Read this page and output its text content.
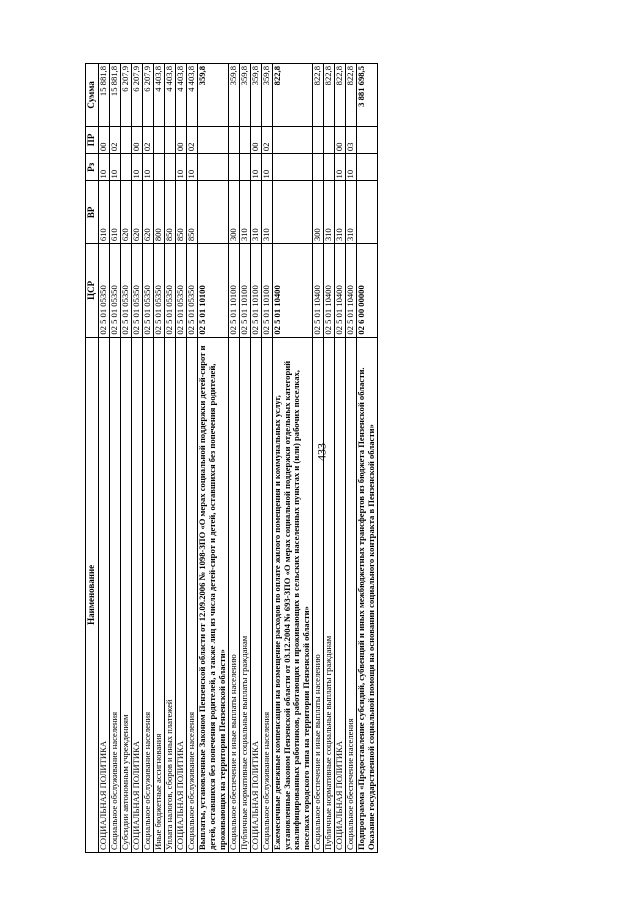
433
Наименование	ЦСР	ВР	Рз	ПР	Сумма
СОЦИАЛЬНАЯ ПОЛИТИКА	02 5 01 05350	610	10	00	15 881,8
Социальное обслуживание населения	02 5 01 05350	610	10	02	15 881,8
Субсидии автономным учреждениям	02 5 01 05350	620			6 207,9
СОЦИАЛЬНАЯ ПОЛИТИКА	02 5 01 05350	620	10	00	6 207,9
Социальное обслуживание населения	02 5 01 05350	620	10	02	6 207,9
Иные бюджетные ассигнования	02 5 01 05350	800			4 403,8
Уплата налогов, сборов и иных платежей	02 5 01 05350	850			4 403,8
СОЦИАЛЬНАЯ ПОЛИТИКА	02 5 01 05350	850	10	00	4 403,8
Социальное обслуживание населения	02 5 01 05350	850	10	02	4 403,8
Выплаты, установленные Законом Пензенской области от 12.09.2006 № 1098-ЗПО «О мерах социальной поддержки детей-сирот и детей, оставшихся без попечения родителей, а также лиц из числа детей-сирот и детей, оставшихся без попечения родителей, проживающих на территории Пензенской области»	02 5 01 10100				359,8
Социальное обеспечение и иные выплаты населению	02 5 01 10100	300			359,8
Публичные нормативные социальные выплаты гражданам	02 5 01 10100	310			359,8
СОЦИАЛЬНАЯ ПОЛИТИКА	02 5 01 10100	310	10	00	359,8
Социальное обслуживание населения	02 5 01 10100	310	10	02	359,8
Ежемесячные денежные компенсации на возмещение расходов по оплате жилого помещения и коммунальных услуг, установленные Законом Пензенской области от 03.12.2004 № 693-ЗПО «О мерах социальной поддержки отдельных категорий квалифицированных работников, работающих и проживающих в сельских населенных пунктах и (или) рабочих поселках, поселках городского типа на территории Пензенской области»	02 5 01 10400				822,8
Социальное обеспечение и иные выплаты населению	02 5 01 10400	300			822,8
Публичные нормативные социальные выплаты гражданам	02 5 01 10400	310			822,8
СОЦИАЛЬНАЯ ПОЛИТИКА	02 5 01 10400	310	10	00	822,8
Социальное обеспечение населения	02 5 01 10400	310	10	03	822,8
Подпрограмма «Предоставление субсидий, субвенций и иных межбюджетных трансфертов из бюджета Пензенской области. Оказание государственной социальной помощи на основании социального контракта в Пензенской области»	02 6 00 00000				3 881 698,5
